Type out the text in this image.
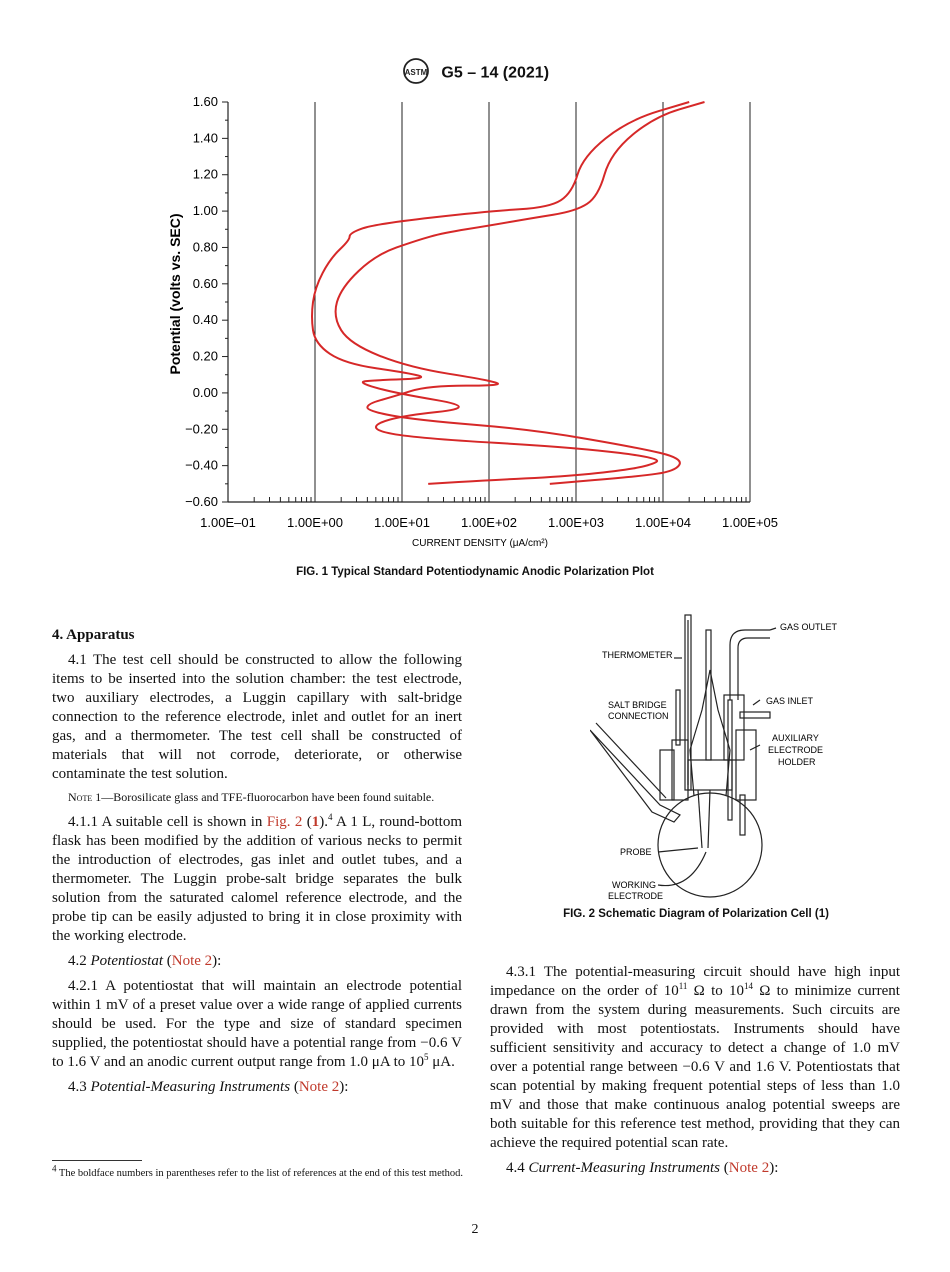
ASTM G5 – 14 (2021)
1.00E–01 1.00E+00 1.00E+01 1.00E+02 1.00E+03 1.00E+04 1.00E+05
1.60
1.40
1.20
1.00
0.80
0.60
0.40
0.20
0.00
−0.20
−0.40
−0.60
CURRENT DENSITY (μA/cm²)
Potential (volts vs. SEC)
FIG. 1 Typical Standard Potentiodynamic Anodic Polarization Plot
4. Apparatus

4.1 The test cell should be constructed to allow the following items to be inserted into the solution chamber: the test electrode, two auxiliary electrodes, a Luggin capillary with salt-bridge connection to the reference electrode, inlet and outlet for an inert gas, and a thermometer. The test cell shall be constructed of materials that will not corrode, deteriorate, or otherwise contaminate the test solution.

Note 1—Borosilicate glass and TFE-fluorocarbon have been found suitable.

4.1.1 A suitable cell is shown in Fig. 2 (1).$^4$ A 1 L, round-bottom flask has been modified by the addition of various necks to permit the introduction of electrodes, gas inlet and outlet tubes, and a thermometer. The Luggin probe-salt bridge separates the bulk solution from the saturated calomel reference electrode, and the probe tip can be easily adjusted to bring it in close proximity with the working electrode.

4.2 Potentiostat (Note 2):

4.2.1 A potentiostat that will maintain an electrode potential within 1 mV of a preset value over a wide range of applied currents should be used. For the type and size of standard specimen supplied, the potentiostat should have a potential range from −0.6 V to 1.6 V and an anodic current output range from 1.0 μA to $10^5$ μA.

4.3 Potential-Measuring Instruments (Note 2):

GAS OUTLET
THERMOMETER
GAS INLET
SALT BRIDGE
CONNECTION
AUXILIARY
ELECTRODE
HOLDER
PROBE
WORKING
ELECTRODE
FIG. 2 Schematic Diagram of Polarization Cell (1)

4.3.1 The potential-measuring circuit should have high input impedance on the order of $10^{11}$ Ω to $10^{14}$ Ω to minimize current drawn from the system during measurements. Such circuits are provided with most potentiostats. Instruments should have sufficient sensitivity and accuracy to detect a change of 1.0 mV over a potential range between −0.6 V and 1.6 V. Potentiostats that scan potential by making frequent potential steps of less than 1.0 mV and those that make continuous analog potential sweeps are both suitable for this reference test method, providing that they can achieve the required potential scan rate.

4.4 Current-Measuring Instruments (Note 2):

$^4$ The boldface numbers in parentheses refer to the list of references at the end of this test method.
2
